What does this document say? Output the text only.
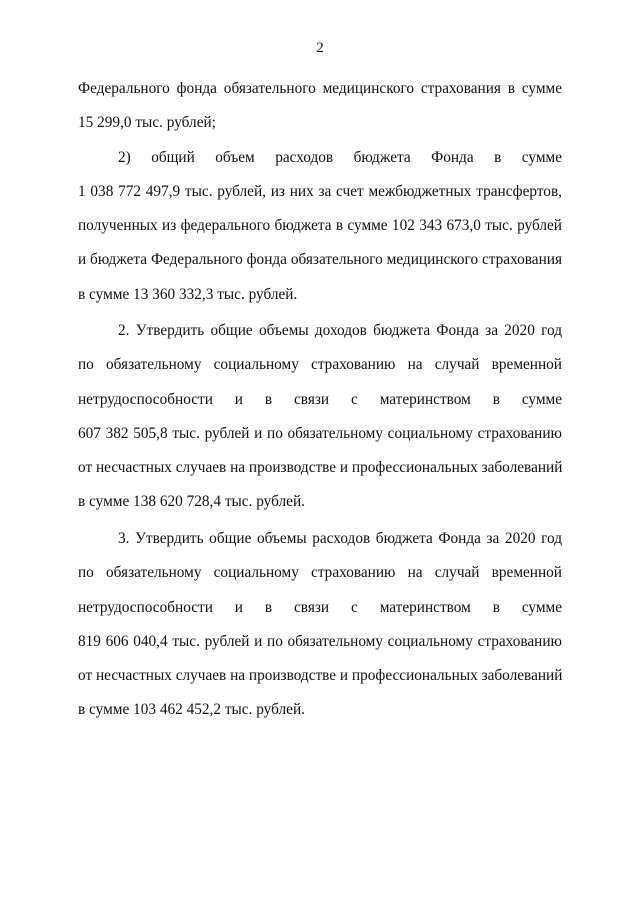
2
Федерального фонда обязательного медицинского страхования в сумме
15 299,0 тыс. рублей;
2) общий объем расходов бюджета Фонда в сумме
1 038 772 497,9 тыс. рублей, из них за счет межбюджетных трансфертов,
полученных из федерального бюджета в сумме 102 343 673,0 тыс. рублей
и бюджета Федерального фонда обязательного медицинского страхования
в сумме 13 360 332,3 тыс. рублей.
2. Утвердить общие объемы доходов бюджета Фонда за 2020 год
по обязательному социальному страхованию на случай временной
нетрудоспособности и в связи с материнством в сумме
607 382 505,8 тыс. рублей и по обязательному социальному страхованию
от несчастных случаев на производстве и профессиональных заболеваний
в сумме 138 620 728,4 тыс. рублей.
3. Утвердить общие объемы расходов бюджета Фонда за 2020 год
по обязательному социальному страхованию на случай временной
нетрудоспособности и в связи с материнством в сумме
819 606 040,4 тыс. рублей и по обязательному социальному страхованию
от несчастных случаев на производстве и профессиональных заболеваний
в сумме 103 462 452,2 тыс. рублей.
